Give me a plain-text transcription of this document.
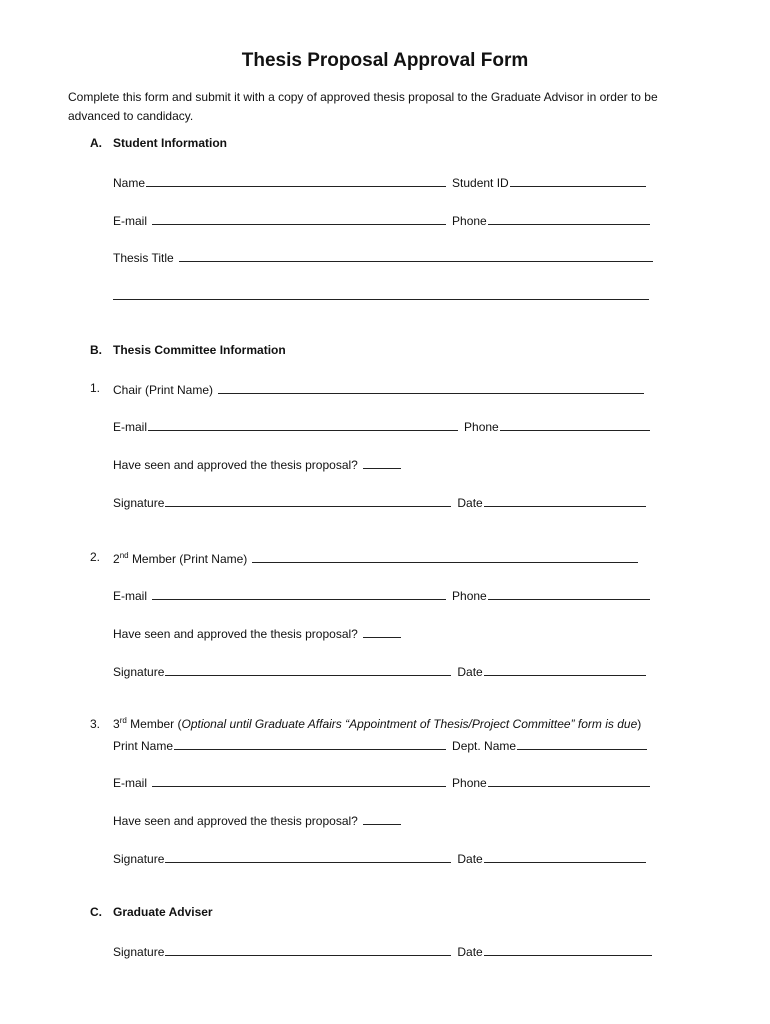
Thesis Proposal Approval Form

Complete this form and submit it with a copy of approved thesis proposal to the Graduate Advisor in order to be advanced to candidacy.

A. Student Information
Name	Student ID
E-mail	Phone
Thesis Title
B. Thesis Committee Information
1. Chair (Print Name)
E-mail	Phone
Have seen and approved the thesis proposal?
Signature	Date
2. 2nd Member (Print Name)
E-mail	Phone
Have seen and approved the thesis proposal?
Signature	Date
3. 3rd Member (Optional until Graduate Affairs “Appointment of Thesis/Project Committee” form is due)
Print Name	Dept. Name
E-mail	Phone
Have seen and approved the thesis proposal?
Signature	Date
C. Graduate Adviser
Signature	Date
